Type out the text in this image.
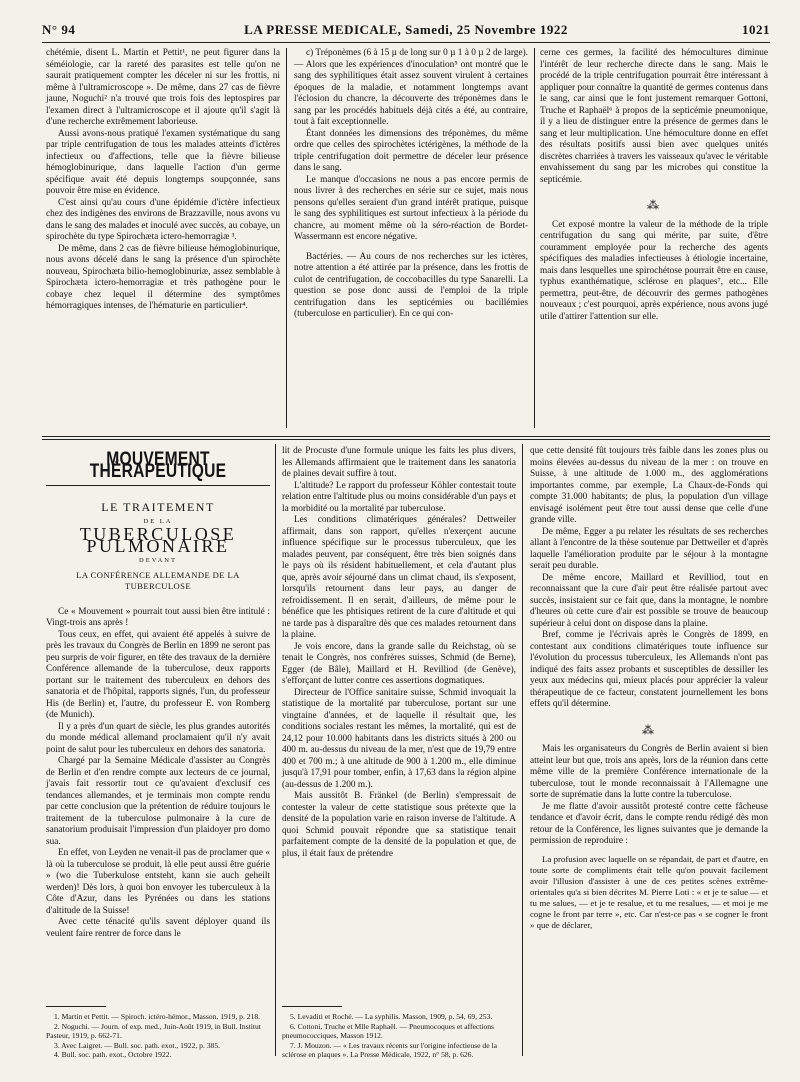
N° 94	LA PRESSE MEDICALE, Samedi, 25 Novembre 1922	1021

chétémie, disent L. Martin et Pettit¹, ne peut figurer dans la séméiologie, car la rareté des parasites est telle qu'on ne saurait pratiquement compter les déceler ni sur les frottis, ni même à l'ultramicroscope ». De même, dans 27 cas de fièvre jaune, Noguchi² n'a trouvé que trois fois des leptospires par l'examen direct à l'ultramicroscope et il ajoute qu'il s'agit là d'une recherche extrêmement laborieuse.

Aussi avons-nous pratiqué l'examen systématique du sang par triple centrifugation de tous les malades atteints d'ictères infectieux ou d'affections, telle que la fièvre bilieuse hémoglobinurique, dans laquelle l'action d'un germe spécifique avait été depuis longtemps soupçonnée, sans pouvoir être mise en évidence.

C'est ainsi qu'au cours d'une épidémie d'ictère infectieux chez des indigènes des environs de Brazzaville, nous avons vu dans le sang des malades et inoculé avec succès, au cobaye, un spirochète du type Spirochæta ictero-hemorragiæ ³.

De même, dans 2 cas de fièvre bilieuse hémoglobinurique, nous avons décelé dans le sang la présence d'un spirochète nouveau, Spirochæta bilio-hemoglobinuriæ, assez semblable à Spirochæta ictero-hemorragiæ et très pathogène pour le cobaye chez lequel il détermine des symptômes hémorragiques intenses, de l'hématurie en particulier⁴.

c) Tréponèmes (6 à 15 µ de long sur 0 µ 1 à 0 µ 2 de large). — Alors que les expériences d'inoculation⁵ ont montré que le sang des syphilitiques était assez souvent virulent à certaines époques de la maladie, et notamment longtemps avant l'éclosion du chancre, la découverte des tréponèmes dans le sang par les procédés habituels déjà cités a été, au contraire, tout à fait exceptionnelle.

Étant données les dimensions des tréponèmes, du même ordre que celles des spirochètes ictérigènes, la méthode de la triple centrifugation doit permettre de déceler leur présence dans le sang.

Le manque d'occasions ne nous a pas encore permis de nous livrer à des recherches en série sur ce sujet, mais nous pensons qu'elles seraient d'un grand intérêt pratique, puisque le sang des syphilitiques est surtout infectieux à la période du chancre, au moment même où la séro-réaction de Bordet-Wassermann est encore négative.

Bactéries. — Au cours de nos recherches sur les ictères, notre attention a été attirée par la présence, dans les frottis de culot de centrifugation, de coccobacilles du type Sanarelli. La question se pose donc aussi de l'emploi de la triple centrifugation dans les septicémies ou bacillémies (tuberculose en particulier). En ce qui con-

cerne ces germes, la facilité des hémocultures diminue l'intérêt de leur recherche directe dans le sang. Mais le procédé de la triple centrifugation pourrait être intéressant à appliquer pour connaître la quantité de germes contenus dans le sang, car ainsi que le font justement remarquer Gottoni, Truche et Raphaël⁶ à propos de la septicémie pneumonique, il y a lieu de distinguer entre la présence de germes dans le sang et leur multiplication. Une hémoculture donne en effet des résultats positifs aussi bien avec quelques unités discrètes charriées à travers les vaisseaux qu'avec le véritable envahissement du sang par les microbes qui constitue la septicémie.

⁂

Cet exposé montre la valeur de la méthode de la triple centrifugation du sang qui mérite, par suite, d'être couramment employée pour la recherche des agents spécifiques des maladies infectieuses à étiologie incertaine, mais dans lesquelles une spirochétose pourrait être en cause, typhus exanthématique, sclérose en plaques⁷, etc... Elle permettra, peut-être, de découvrir des germes pathogènes nouveaux ; c'est pourquoi, après expérience, nous avons jugé utile d'attirer l'attention sur elle.

MOUVEMENT THÉRAPEUTIQUE
LE TRAITEMENT
DE LA
TUBERCULOSE PULMONAIRE
DEVANT
LA CONFÉRENCE ALLEMANDE DE LA TUBERCULOSE

Ce « Mouvement » pourrait tout aussi bien être intitulé : Vingt-trois ans après !

Tous ceux, en effet, qui avaient été appelés à suivre de près les travaux du Congrès de Berlin en 1899 ne seront pas peu surpris de voir figurer, en tête des travaux de la dernière Conférence allemande de la tuberculose, deux rapports portant sur le traitement des tuberculeux en dehors des sanatoria et de l'hôpital, rapports signés, l'un, du professeur His (de Berlin) et, l'autre, du professeur E. von Romberg (de Munich).

Il y a près d'un quart de siècle, les plus grandes autorités du monde médical allemand proclamaient qu'il n'y avait point de salut pour les tuberculeux en dehors des sanatoria.

Chargé par la Semaine Médicale d'assister au Congrès de Berlin et d'en rendre compte aux lecteurs de ce journal, j'avais fait ressortir tout ce qu'avaient d'exclusif ces tendances allemandes, et je terminais mon compte rendu par cette conclusion que la prétention de réduire toujours le traitement de la tuberculose pulmonaire à la cure de sanatorium produisait l'impression d'un plaidoyer pro domo sua.

En effet, von Leyden ne venait-il pas de proclamer que « là où la tuberculose se produit, là elle peut aussi être guérie » (wo die Tuberkulose entsteht, kann sie auch geheilt werden)! Dès lors, à quoi bon envoyer les tuberculeux à la Côte d'Azur, dans les Pyrénées ou dans les stations d'altitude de la Suisse!

Avec cette ténacité qu'ils savent déployer quand ils veulent faire rentrer de force dans le

lit de Procuste d'une formule unique les faits les plus divers, les Allemands affirmaient que le traitement dans les sanatoria de plaines devait suffire à tout.

L'altitude? Le rapport du professeur Köhler contestait toute relation entre l'altitude plus ou moins considérable d'un pays et la morbidité ou la mortalité par tuberculose.

Les conditions climatériques générales? Dettweiler affirmait, dans son rapport, qu'elles n'exerçent aucune influence spécifique sur le processus tuberculeux, que les malades peuvent, par conséquent, être très bien soignés dans le pays où ils résident habituellement, et cela d'autant plus que, après avoir séjourné dans un climat chaud, ils s'exposent, lorsqu'ils retournent dans leur pays, au danger de refroidissement. Il en serait, d'ailleurs, de même pour le bénéfice que les phtisiques retirent de la cure d'altitude et qui ne tarde pas à disparaître dès que ces malades retournent dans la plaine.

Je vois encore, dans la grande salle du Reichstag, où se tenait le Congrès, nos confrères suisses, Schmid (de Berne), Egger (de Bâle), Maillard et H. Revilliod (de Genève), s'efforçant de lutter contre ces assertions dogmatiques.

Directeur de l'Office sanitaire suisse, Schmid invoquait la statistique de la mortalité par tuberculose, portant sur une vingtaine d'années, et de laquelle il résultait que, les conditions sociales restant les mêmes, la mortalité, qui est de 24,12 pour 10.000 habitants dans les districts situés à 200 ou 400 m. au-dessus du niveau de la mer, n'est que de 19,79 entre 400 et 700 m.; à une altitude de 900 à 1.200 m., elle diminue jusqu'à 17,91 pour tomber, enfin, à 17,63 dans la région alpine (au-dessus de 1.200 m.).

Mais aussitôt B. Fränkel (de Berlin) s'empressait de contester la valeur de cette statistique sous prétexte que la densité de la population varie en raison inverse de l'altitude. A quoi Schmid pouvait répondre que sa statistique tenait parfaitement compte de la densité de la population et que, de plus, il était faux de prétendre

que cette densité fût toujours très faible dans les zones plus ou moins élevées au-dessus du niveau de la mer : on trouve en Suisse, à une altitude de 1.000 m., des agglomérations importantes comme, par exemple, La Chaux-de-Fonds qui compte 31.000 habitants; de plus, la population d'un village envisagé isolément peut être tout aussi dense que celle d'une grande ville.

De même, Egger a pu relater les résultats de ses recherches allant à l'encontre de la thèse soutenue par Dettweiler et d'après laquelle l'amélioration produite par le séjour à la montagne serait peu durable.

De même encore, Maillard et Revilliod, tout en reconnaissant que la cure d'air peut être réalisée partout avec succès, insistaient sur ce fait que, dans la montagne, le nombre d'heures où cette cure d'air est possible se trouve de beaucoup supérieur à celui dont on dispose dans la plaine.

Bref, comme je l'écrivais après le Congrès de 1899, en contestant aux conditions climatériques toute influence sur l'évolution du processus tuberculeux, les Allemands n'ont pas indiqué des faits assez probants et susceptibles de dessiller les yeux aux médecins qui, mieux placés pour apprécier la valeur thérapeutique de ce facteur, constatent journellement les bons effets qu'il détermine.

⁂

Mais les organisateurs du Congrès de Berlin avaient si bien atteint leur but que, trois ans après, lors de la réunion dans cette même ville de la première Conférence internationale de la tuberculose, tout le monde reconnaissait à l'Allemagne une sorte de suprématie dans la lutte contre la tuberculose.

Je me flatte d'avoir aussitôt protesté contre cette fâcheuse tendance et d'avoir écrit, dans le compte rendu rédigé dès mon retour de la Conférence, les lignes suivantes que je demande la permission de reproduire :

La profusion avec laquelle on se répandait, de part et d'autre, en toute sorte de compliments était telle qu'on pouvait facilement avoir l'illusion d'assister à une de ces petites scènes extrême-orientales qu'a si bien décrites M. Pierre Loti : « et je te salue — et tu me salues, — et je te resalue, et tu me resalues, — et moi je me cogne le front par terre », etc. Car n'est-ce pas « se cogner le front » que de déclarer,

1. Martin et Pettit. — Spiroch. ictéro-hémor., Masson, 1919, p. 218.

2. Noguchi. — Journ. of exp. med., Juin-Août 1919, in Bull. Institut Pasteur, 1919, p. 662-71.

3. Avec Laigret. — Bull. soc. path. exot., 1922, p. 385.

4. Bull. soc. path. exot., Octobre 1922.

5. Levaditi et Roché. — La syphilis. Masson, 1909, p. 54, 69, 253.

6. Cottoni, Truche et Mlle Raphaël. — Pneumocoques et affections pneumococciques, Masson 1912.

7. J. Mouzon. — « Les travaux récents sur l'origine infectieuse de la sclérose en plaques ». La Presse Médicale, 1922, n° 58, p. 626.
